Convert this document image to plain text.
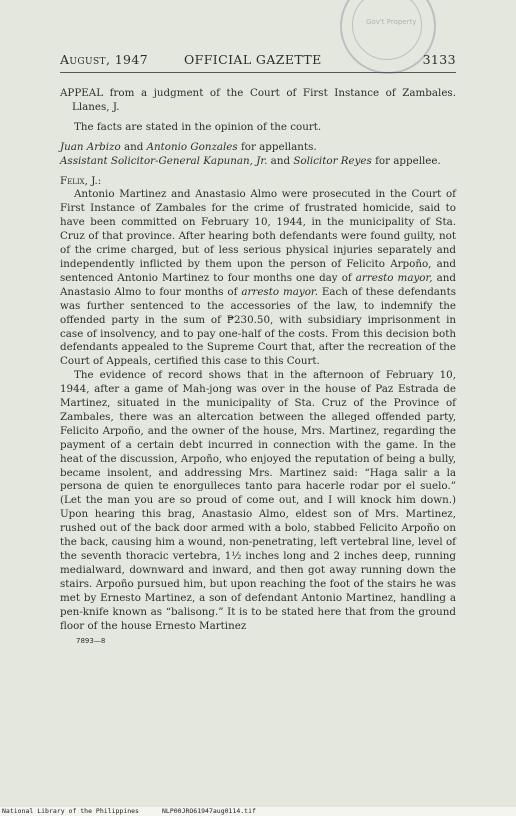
Gov't Property
August, 1947	OFFICIAL GAZETTE	3133

APPEAL from a judgment of the Court of First Instance of Zambales. Llanes, J.

The facts are stated in the opinion of the court.

Juan Arbizo and Antonio Gonzales for appellants.

Assistant Solicitor-General Kapunan, Jr. and Solicitor Reyes for appellee.

Felix, J.:

Antonio Martinez and Anastasio Almo were prosecuted in the Court of First Instance of Zambales for the crime of frustrated homicide, said to have been committed on February 10, 1944, in the municipality of Sta. Cruz of that province. After hearing both defendants were found guilty, not of the crime charged, but of less serious physical injuries separately and independently inflicted by them upon the person of Felicito Arpoño, and sentenced Antonio Martinez to four months one day of arresto mayor, and Anastasio Almo to four months of arresto mayor. Each of these defendants was further sentenced to the accessories of the law, to indemnify the offended party in the sum of ₱230.50, with subsidiary imprisonment in case of insolvency, and to pay one-half of the costs. From this decision both defendants appealed to the Supreme Court that, after the recreation of the Court of Appeals, certified this case to this Court.

The evidence of record shows that in the afternoon of February 10, 1944, after a game of Mah-jong was over in the house of Paz Estrada de Martinez, situated in the municipality of Sta. Cruz of the Province of Zambales, there was an altercation between the alleged offended party, Felicito Arpoño, and the owner of the house, Mrs. Martinez, regarding the payment of a certain debt incurred in connection with the game. In the heat of the discussion, Arpoño, who enjoyed the reputation of being a bully, became insolent, and addressing Mrs. Martinez said: “Haga salir a la persona de quien te enorgulleces tanto para hacerle rodar por el suelo.” (Let the man you are so proud of come out, and I will knock him down.) Upon hearing this brag, Anastasio Almo, eldest son of Mrs. Martinez, rushed out of the back door armed with a bolo, stabbed Felicito Arpoño on the back, causing him a wound, non-penetrating, left vertebral line, level of the seventh thoracic vertebra, 1½ inches long and 2 inches deep, running medialward, downward and inward, and then got away running down the stairs. Arpoño pursued him, but upon reaching the foot of the stairs he was met by Ernesto Martinez, a son of defendant Antonio Martinez, handling a pen-knife known as “balisong.” It is to be stated here that from the ground floor of the house Ernesto Martinez

7893—8

National Library of the Philippines	NLP00JRO61947aug0114.tif
